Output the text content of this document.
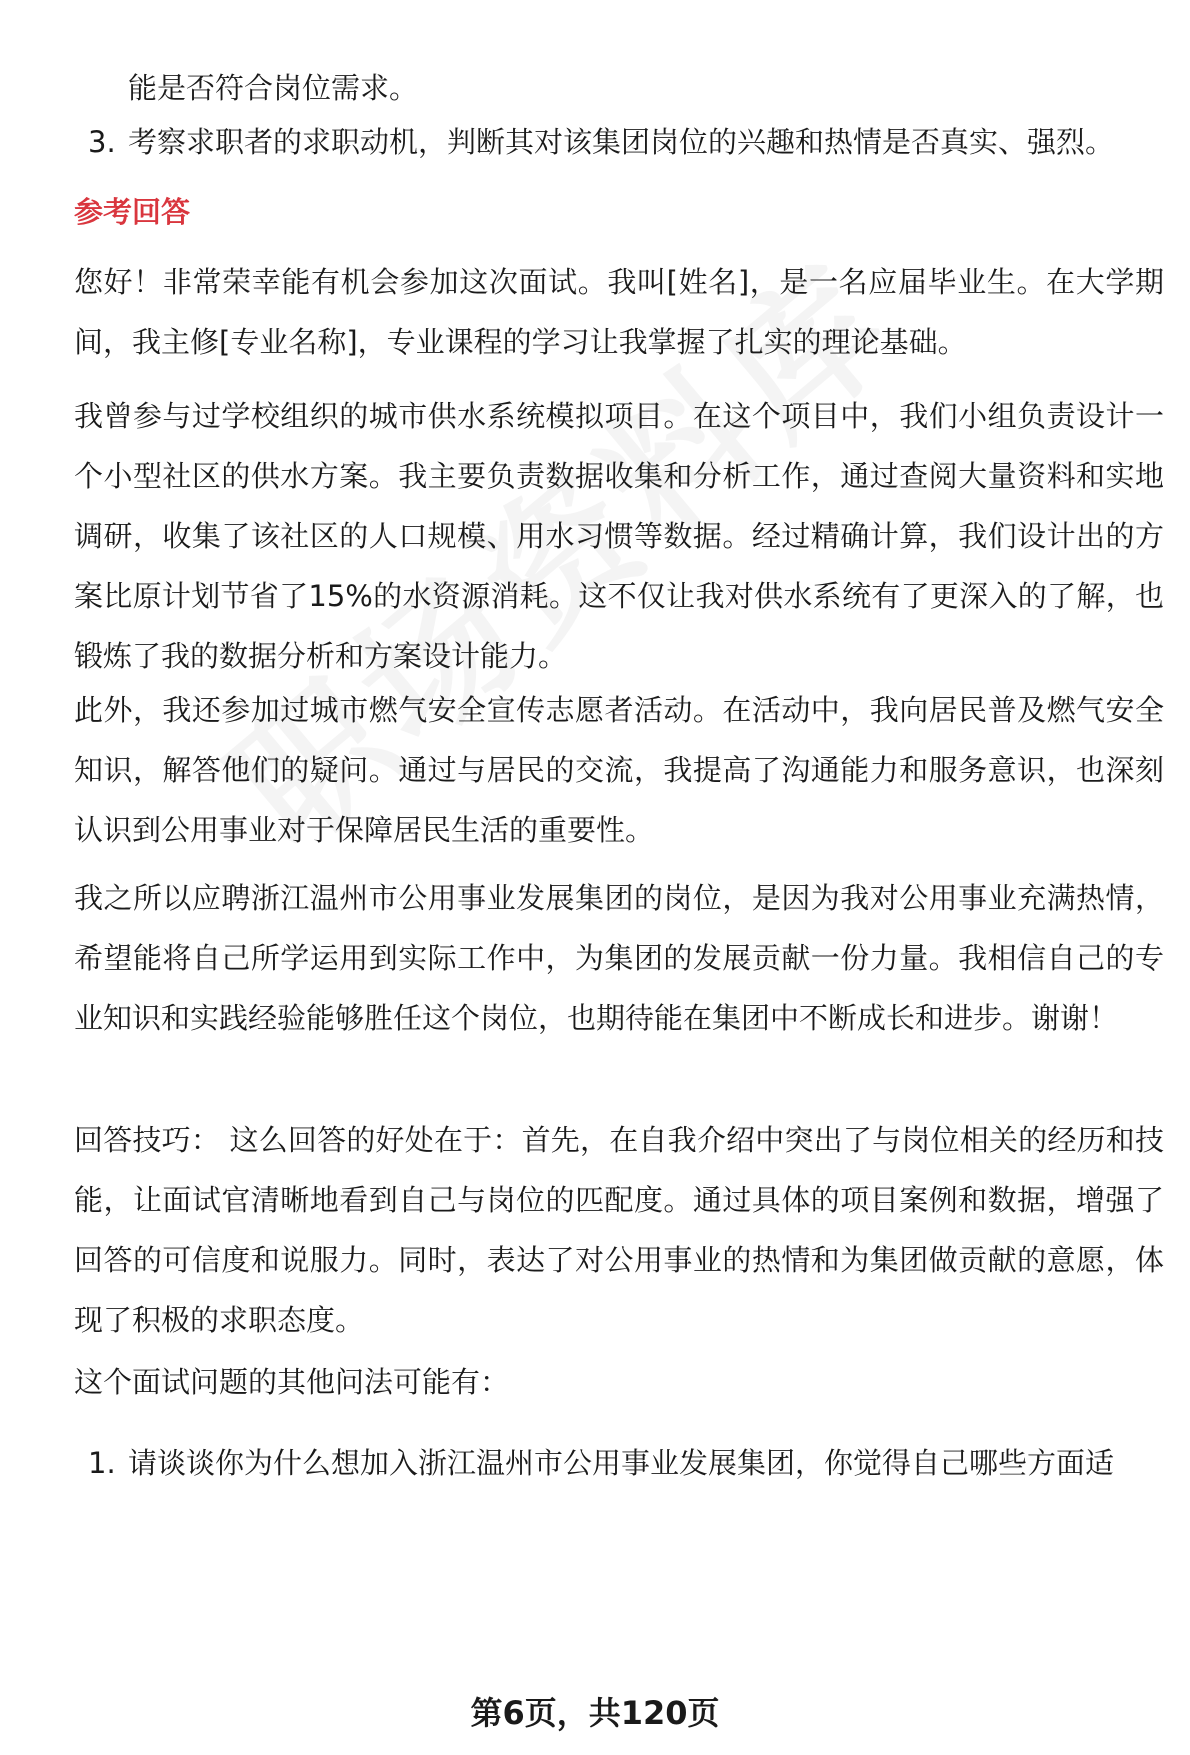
能是否符合岗位需求。

3. 考察求职者的求职动机，判断其对该集团岗位的兴趣和热情是否真实、强烈。

参考回答

您好！非常荣幸能有机会参加这次面试。我叫[姓名]，是一名应届毕业生。在大学期间，我主修[专业名称]，专业课程的学习让我掌握了扎实的理论基础。

我曾参与过学校组织的城市供水系统模拟项目。在这个项目中，我们小组负责设计一个小型社区的供水方案。我主要负责数据收集和分析工作，通过查阅大量资料和实地调研，收集了该社区的人口规模、用水习惯等数据。经过精确计算，我们设计出的方案比原计划节省了15%的水资源消耗。这不仅让我对供水系统有了更深入的了解，也锻炼了我的数据分析和方案设计能力。

此外，我还参加过城市燃气安全宣传志愿者活动。在活动中，我向居民普及燃气安全知识，解答他们的疑问。通过与居民的交流，我提高了沟通能力和服务意识，也深刻认识到公用事业对于保障居民生活的重要性。

我之所以应聘浙江温州市公用事业发展集团的岗位，是因为我对公用事业充满热情，希望能将自己所学运用到实际工作中，为集团的发展贡献一份力量。我相信自己的专业知识和实践经验能够胜任这个岗位，也期待能在集团中不断成长和进步。谢谢！

回答技巧： 这么回答的好处在于：首先，在自我介绍中突出了与岗位相关的经历和技能，让面试官清晰地看到自己与岗位的匹配度。通过具体的项目案例和数据，增强了回答的可信度和说服力。同时，表达了对公用事业的热情和为集团做贡献的意愿，体现了积极的求职态度。

这个面试问题的其他问法可能有：

1. 请谈谈你为什么想加入浙江温州市公用事业发展集团，你觉得自己哪些方面适
第6页，共120页
